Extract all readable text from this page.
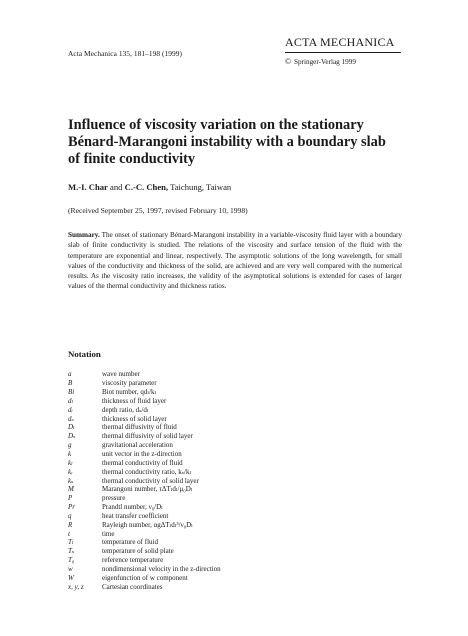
Acta Mechanica 135, 181–198 (1999)
ACTA MECHANICA
© Springer-Verlag 1999
Influence of viscosity variation on the stationary
Bénard-Marangoni instability with a boundary slab
of finite conductivity
M.-I. Char and C.-C. Chen, Taichung, Taiwan
(Received September 25, 1997, revised February 10, 1998)
Summary. The onset of stationary Bénard-Marangoni instability in a variable-viscosity fluid layer with a boundary slab of finite conductivity is studied. The relations of the viscosity and surface tension of the fluid with the temperature are exponential and linear, respectively. The asymptotic solutions of the long wavelength, for small values of the conductivity and thickness of the solid, are achieved and are very well compared with the numerical results. As the viscosity ratio increases, the validity of the asymptotical solutions is extended for cases of larger values of the thermal conductivity and thickness ratios.
Notation
a	wave number
B	viscosity parameter
Bi	Biot number, qdₗ/kₗ
dₗ	thickness of fluid layer
dᵣ	depth ratio, dₛ/dₗ
dₛ	thickness of solid layer
Dₗ	thermal diffusivity of fluid
Dₛ	thermal diffusivity of solid layer
g	gravitational acceleration
k	unit vector in the z-direction
kₗ	thermal conductivity of fluid
kᵣ	thermal conductivity ratio, kₛ/kₗ
kₛ	thermal conductivity of solid layer
M	Marangoni number, τΔTₗdₗ/μ₀Dₗ
P	pressure
Pr	Prandtl number, ν₀/Dₗ
q	heat transfer coefficient
R	Rayleigh number, αgΔTₗdₗ³/ν₀Dₗ
t	time
Tₗ	temperature of fluid
Tₛ	temperature of solid plate
T₀	reference temperature
w	nondimensional velocity in the z-direction
W	eigenfunction of w component
x, y, z	Cartesian coordinates
